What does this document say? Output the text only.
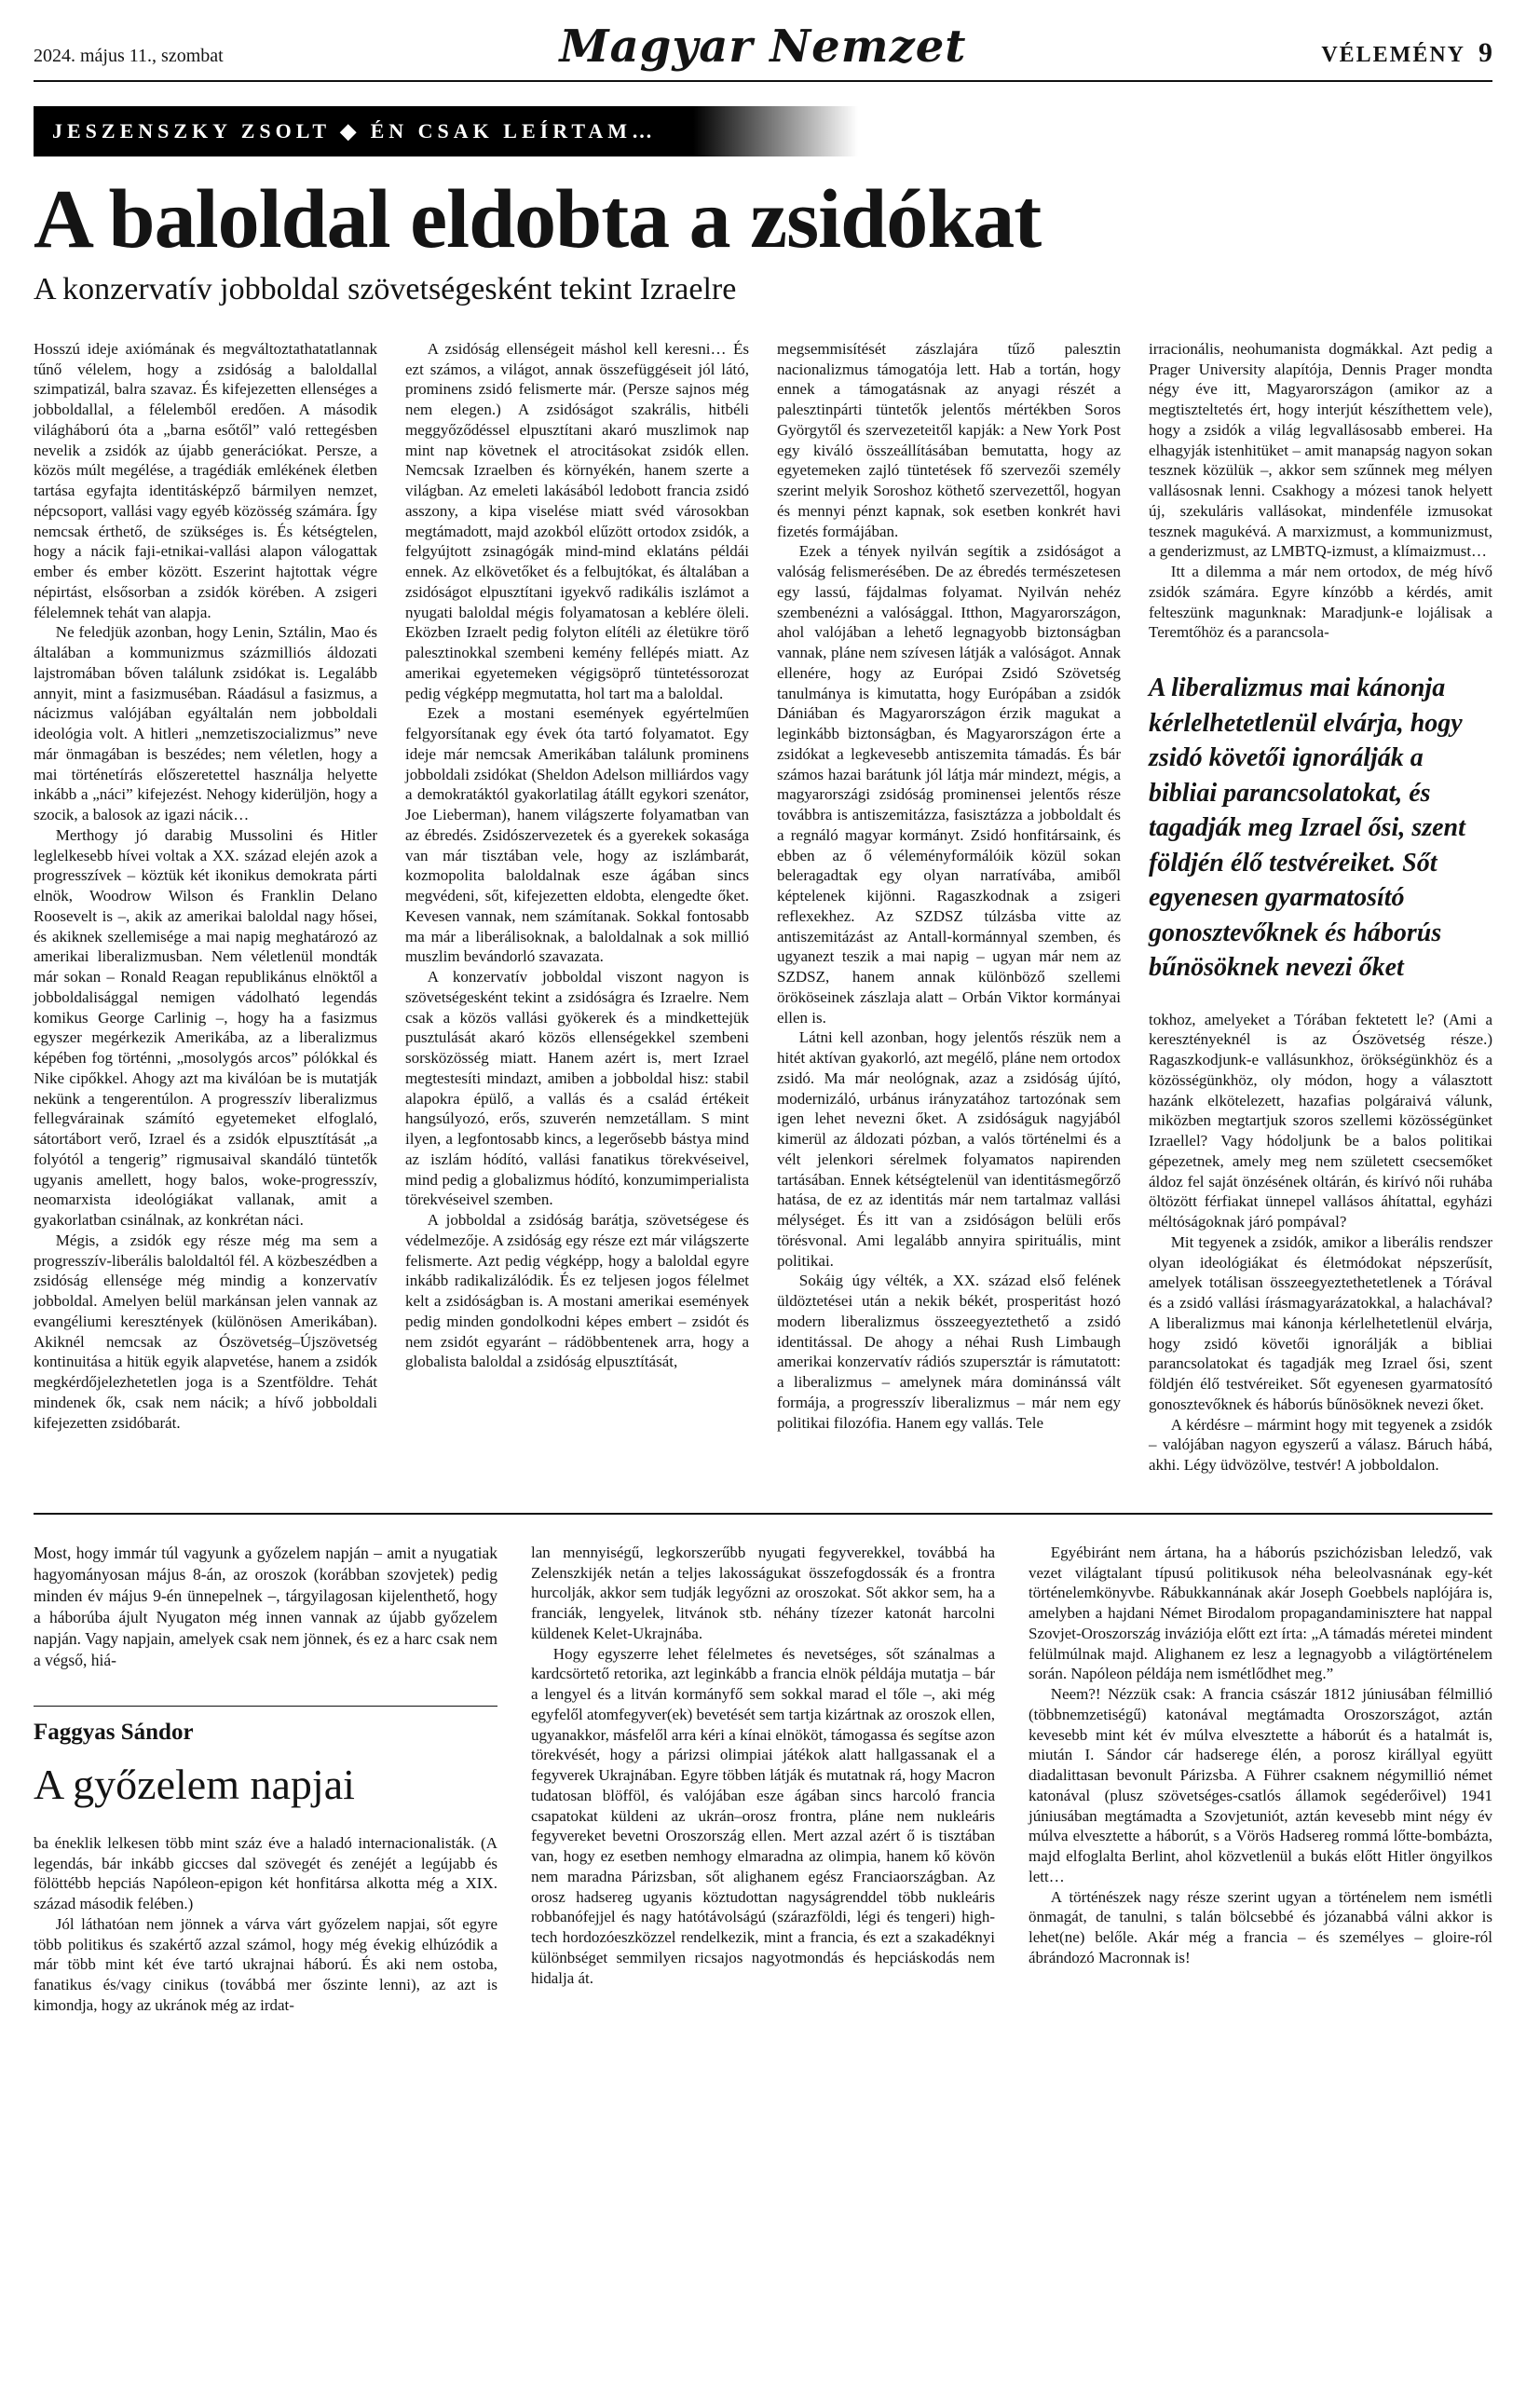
2024. május 11., szombat	Magyar Nemzet	VÉLEMÉNY 9
JESZENSZKY ZSOLT ◆ ÉN CSAK LEÍRTAM…
A baloldal eldobta a zsidókat
A konzervatív jobboldal szövetségesként tekint Izraelre

Hosszú ideje axiómának és megváltoztathatatlannak tűnő vélelem, hogy a zsidóság a baloldallal szimpatizál, balra szavaz. És kifejezetten ellenséges a jobboldallal, a félelemből eredően. A második világháború óta a „barna esőtől” való rettegésben nevelik a zsidók az újabb generációkat. Persze, a közös múlt megélése, a tragédiák emlékének életben tartása egyfajta identitásképző bármilyen nemzet, népcsoport, vallási vagy egyéb közösség számára. Így nemcsak érthető, de szükséges is. És kétségtelen, hogy a nácik faji-etnikai-vallási alapon válogattak ember és ember között. Eszerint hajtottak végre népirtást, elsősorban a zsidók körében. A zsigeri félelemnek tehát van alapja.

Ne feledjük azonban, hogy Lenin, Sztálin, Mao és általában a kommunizmus százmilliós áldozati lajstromában bőven találunk zsidókat is. Legalább annyit, mint a fasizmuséban. Ráadásul a fasizmus, a nácizmus valójában egyáltalán nem jobboldali ideológia volt. A hitleri „nemzetiszocializmus” neve már önmagában is beszédes; nem véletlen, hogy a mai történetírás előszeretettel használja helyette inkább a „náci” kifejezést. Nehogy kiderüljön, hogy a szocik, a balosok az igazi nácik…

Merthogy jó darabig Mussolini és Hitler leglelkesebb hívei voltak a XX. század elején azok a progresszívek – köztük két ikonikus demokrata párti elnök, Woodrow Wilson és Franklin Delano Roosevelt is –, akik az amerikai baloldal nagy hősei, és akiknek szellemisége a mai napig meghatározó az amerikai liberalizmusban. Nem véletlenül mondták már sokan – Ronald Reagan republikánus elnöktől a jobboldalisággal nemigen vádolható legendás komikus George Carlinig –, hogy ha a fasizmus egyszer megérkezik Amerikába, az a liberalizmus képében fog történni, „mosolygós arcos” pólókkal és Nike cipőkkel. Ahogy azt ma kiválóan be is mutatják nekünk a tengerentúlon. A progresszív liberalizmus fellegvárainak számító egyetemeket elfoglaló, sátortábort verő, Izrael és a zsidók elpusztítását „a folyótól a tengerig” rigmusaival skandáló tüntetők ugyanis amellett, hogy balos, woke-progresszív, neomarxista ideológiákat vallanak, amit a gyakorlatban csinálnak, az konkrétan náci.

Mégis, a zsidók egy része még ma sem a progresszív-liberális baloldaltól fél. A közbeszédben a zsidóság ellensége még mindig a konzervatív jobboldal. Amelyen belül markánsan jelen vannak az evangéliumi keresztények (különösen Amerikában). Akiknél nemcsak az Ószövetség–Újszövetség kontinuitása a hitük egyik alapvetése, hanem a zsidók megkérdőjelezhetetlen joga is a Szentföldre. Tehát mindenek ők, csak nem nácik; a hívő jobboldali kifejezetten zsidóbarát.

A zsidóság ellenségeit máshol kell keresni… És ezt számos, a világot, annak összefüggéseit jól látó, prominens zsidó felismerte már. (Persze sajnos még nem elegen.) A zsidóságot szakrális, hitbéli meggyőződéssel elpusztítani akaró muszlimok nap mint nap követnek el atrocitásokat zsidók ellen. Nemcsak Izraelben és környékén, hanem szerte a világban. Az emeleti lakásából ledobott francia zsidó asszony, a kipa viselése miatt svéd városokban megtámadott, majd azokból elűzött ortodox zsidók, a felgyújtott zsinagógák mind-mind eklatáns példái ennek. Az elkövetőket és a felbujtókat, és általában a zsidóságot elpusztítani igyekvő radikális iszlámot a nyugati baloldal mégis folyamatosan a keblére öleli. Eközben Izraelt pedig folyton elítéli az életükre törő palesztinokkal szembeni kemény fellépés miatt. Az amerikai egyetemeken végigsöprő tüntetéssorozat pedig végképp megmutatta, hol tart ma a baloldal.

Ezek a mostani események egyértelműen felgyorsítanak egy évek óta tartó folyamatot. Egy ideje már nemcsak Amerikában találunk prominens jobboldali zsidókat (Sheldon Adelson milliárdos vagy a demokratáktól gyakorlatilag átállt egykori szenátor, Joe Lieberman), hanem világszerte folyamatban van az ébredés. Zsidószervezetek és a gyerekek sokasága van már tisztában vele, hogy az iszlámbarát, kozmopolita baloldalnak esze ágában sincs megvédeni, sőt, kifejezetten eldobta, elengedte őket. Kevesen vannak, nem számítanak. Sokkal fontosabb ma már a liberálisoknak, a baloldalnak a sok millió muszlim bevándorló szavazata.

A konzervatív jobboldal viszont nagyon is szövetségesként tekint a zsidóságra és Izraelre. Nem csak a közös vallási gyökerek és a mindkettejük pusztulását akaró közös ellenségekkel szembeni sorsközösség miatt. Hanem azért is, mert Izrael megtestesíti mindazt, amiben a jobboldal hisz: stabil alapokra épülő, a vallás és a család értékeit hangsúlyozó, erős, szuverén nemzetállam. S mint ilyen, a legfontosabb kincs, a legerősebb bástya mind az iszlám hódító, vallási fanatikus törekvéseivel, mind pedig a globalizmus hódító, konzumimperialista törekvéseivel szemben.

A jobboldal a zsidóság barátja, szövetségese és védelmezője. A zsidóság egy része ezt már világszerte felismerte. Azt pedig végképp, hogy a baloldal egyre inkább radikalizálódik. És ez teljesen jogos félelmet kelt a zsidóságban is. A mostani amerikai események pedig minden gondolkodni képes embert – zsidót és nem zsidót egyaránt – rádöbbentenek arra, hogy a globalista baloldal a zsidóság elpusztítását,

megsemmisítését zászlajára tűző palesztin nacionalizmus támogatója lett. Hab a tortán, hogy ennek a támogatásnak az anyagi részét a palesztinpárti tüntetők jelentős mértékben Soros Györgytől és szervezeteitől kapják: a New York Post egy kiváló összeállításában bemutatta, hogy az egyetemeken zajló tüntetések fő szervezői személy szerint melyik Soroshoz köthető szervezettől, hogyan és mennyi pénzt kapnak, sok esetben konkrét havi fizetés formájában.

Ezek a tények nyilván segítik a zsidóságot a valóság felismerésében. De az ébredés természetesen egy lassú, fájdalmas folyamat. Nyilván nehéz szembenézni a valósággal. Itthon, Magyarországon, ahol valójában a lehető legnagyobb biztonságban vannak, pláne nem szívesen látják a valóságot. Annak ellenére, hogy az Európai Zsidó Szövetség tanulmánya is kimutatta, hogy Európában a zsidók Dániában és Magyarországon érzik magukat a leginkább biztonságban, és Magyarországon érte a zsidókat a legkevesebb antiszemita támadás. És bár számos hazai barátunk jól látja már mindezt, mégis, a magyarországi zsidóság prominensei jelentős része továbbra is antiszemitázza, fasisztázza a jobboldalt és a regnáló magyar kormányt. Zsidó honfitársaink, és ebben az ő véleményformálóik közül sokan beleragadtak egy olyan narratívába, amiből képtelenek kijönni. Ragaszkodnak a zsigeri reflexekhez. Az SZDSZ túlzásba vitte az antiszemitázást az Antall-kormánnyal szemben, és ugyanezt teszik a mai napig – ugyan már nem az SZDSZ, hanem annak különböző szellemi örököseinek zászlaja alatt – Orbán Viktor kormányai ellen is.

Látni kell azonban, hogy jelentős részük nem a hitét aktívan gyakorló, azt megélő, pláne nem ortodox zsidó. Ma már neológnak, azaz a zsidóság újító, modernizáló, urbánus irányzatához tartozónak sem igen lehet nevezni őket. A zsidóságuk nagyjából kimerül az áldozati pózban, a valós történelmi és a vélt jelenkori sérelmek folyamatos napirenden tartásában. Ennek kétségtelenül van identitásmegőrző hatása, de ez az identitás már nem tartalmaz vallási mélységet. És itt van a zsidóságon belüli erős törésvonal. Ami legalább annyira spirituális, mint politikai.

Sokáig úgy vélték, a XX. század első felének üldöztetései után a nekik békét, prosperitást hozó modern liberalizmus összeegyeztethető a zsidó identitással. De ahogy a néhai Rush Limbaugh amerikai konzervatív rádiós szupersztár is rámutatott: a liberalizmus – amelynek mára dominánssá vált formája, a progresszív liberalizmus – már nem egy politikai filozófia. Hanem egy vallás. Tele

irracionális, neohumanista dogmákkal. Azt pedig a Prager University alapítója, Dennis Prager mondta négy éve itt, Magyarországon (amikor az a megtiszteltetés ért, hogy interjút készíthettem vele), hogy a zsidók a világ legvallásosabb emberei. Ha elhagyják istenhitüket – amit manapság nagyon sokan tesznek közülük –, akkor sem szűnnek meg mélyen vallásosnak lenni. Csakhogy a mózesi tanok helyett új, szekuláris vallásokat, mindenféle izmusokat tesznek magukévá. A marxizmust, a kommunizmust, a genderizmust, az LMBTQ-izmust, a klímaizmust…

Itt a dilemma a már nem ortodox, de még hívő zsidók számára. Egyre kínzóbb a kérdés, amit felteszünk magunknak: Maradjunk-e lojálisak a Teremtőhöz és a parancsola-

A liberalizmus mai kánonja kérlelhetetlenül elvárja, hogy zsidó követői ignorálják a bibliai parancsolatokat, és tagadják meg Izrael ősi, szent földjén élő testvéreiket. Sőt egyenesen gyarmatosító gonosztevőknek és háborús bűnösöknek nevezi őket

tokhoz, amelyeket a Tórában fektetett le? (Ami a keresztényeknél is az Ószövetség része.) Ragaszkodjunk-e vallásunkhoz, örökségünkhöz és a közösségünkhöz, oly módon, hogy a választott hazánk elkötelezett, hazafias polgáraivá válunk, miközben megtartjuk szoros szellemi közösségünket Izraellel? Vagy hódoljunk be a balos politikai gépezetnek, amely meg nem született csecsemőket áldoz fel saját önzésének oltárán, és kirívó női ruhába öltözött férfiakat ünnepel vallásos áhítattal, egyházi méltóságoknak járó pompával?

Mit tegyenek a zsidók, amikor a liberális rendszer olyan ideológiákat és életmódokat népszerűsít, amelyek totálisan összeegyeztethetetlenek a Tórával és a zsidó vallási írásmagyarázatokkal, a halachával? A liberalizmus mai kánonja kérlelhetetlenül elvárja, hogy zsidó követői ignorálják a bibliai parancsolatokat és tagadják meg Izrael ősi, szent földjén élő testvéreiket. Sőt egyenesen gyarmatosító gonosztevőknek és háborús bűnösöknek nevezi őket.

A kérdésre – mármint hogy mit tegyenek a zsidók – valójában nagyon egyszerű a válasz. Báruch hábá, akhi. Légy üdvözölve, testvér! A jobboldalon.

Most, hogy immár túl vagyunk a győzelem napján – amit a nyugatiak hagyományosan május 8-án, az oroszok (korábban szovjetek) pedig minden év május 9-én ünnepelnek –, tárgyilagosan kijelenthető, hogy a háborúba ájult Nyugaton még innen vannak az újabb győzelem napján. Vagy napjain, amelyek csak nem jönnek, és ez a harc csak nem a végső, hiá-
Faggyas Sándor
A győzelem napjai

ba éneklik lelkesen több mint száz éve a haladó internacionalisták. (A legendás, bár inkább giccses dal szövegét és zenéjét a legújabb és fölöttébb hepciás Napóleon-epigon két honfitársa alkotta még a XIX. század második felében.)

Jól láthatóan nem jönnek a várva várt győzelem napjai, sőt egyre több politikus és szakértő azzal számol, hogy még évekig elhúzódik a már több mint két éve tartó ukrajnai háború. És aki nem ostoba, fanatikus és/vagy cinikus (továbbá mer őszinte lenni), az azt is kimondja, hogy az ukránok még az irdat-

lan mennyiségű, legkorszerűbb nyugati fegyverekkel, továbbá ha Zelenszkijék netán a teljes lakosságukat összefogdossák és a frontra hurcolják, akkor sem tudják legyőzni az oroszokat. Sőt akkor sem, ha a franciák, lengyelek, litvánok stb. néhány tízezer katonát harcolni küldenek Kelet-Ukrajnába.

Hogy egyszerre lehet félelmetes és nevetséges, sőt szánalmas a kardcsörtető retorika, azt leginkább a francia elnök példája mutatja – bár a lengyel és a litván kormányfő sem sokkal marad el tőle –, aki még egyfelől atomfegyver(ek) bevetését sem tartja kizártnak az oroszok ellen, ugyanakkor, másfelől arra kéri a kínai elnököt, támogassa és segítse azon törekvését, hogy a párizsi olimpiai játékok alatt hallgassanak el a fegyverek Ukrajnában. Egyre többen látják és mutatnak rá, hogy Macron tudatosan blöfföl, és valójában esze ágában sincs harcoló francia csapatokat küldeni az ukrán–orosz frontra, pláne nem nukleáris fegyvereket bevetni Oroszország ellen. Mert azzal azért ő is tisztában van, hogy ez esetben nemhogy elmaradna az olimpia, hanem kő kövön nem maradna Párizsban, sőt alighanem egész Franciaországban. Az orosz hadsereg ugyanis köztudottan nagyságrenddel több nukleáris robbanófejjel és nagy hatótávolságú (szárazföldi, légi és tengeri) high-tech hordozóeszközzel rendelkezik, mint a francia, és ezt a szakadéknyi különbséget semmilyen ricsajos nagyotmondás és hepciáskodás nem hidalja át.

Egyébiránt nem ártana, ha a háborús pszichózisban leledző, vak vezet világtalant típusú politikusok néha beleolvasnának egy-két történelemkönyvbe. Rábukkannának akár Joseph Goebbels naplójára is, amelyben a hajdani Német Birodalom propagandaminisztere hat nappal Szovjet-Oroszország inváziója előtt ezt írta: „A támadás méretei mindent felülmúlnak majd. Alighanem ez lesz a legnagyobb a világtörténelem során. Napóleon példája nem ismétlődhet meg.”

Neem?! Nézzük csak: A francia császár 1812 júniusában félmillió (többnemzetiségű) katonával megtámadta Oroszországot, aztán kevesebb mint két év múlva elvesztette a háborút és a hatalmát is, miután I. Sándor cár hadserege élén, a porosz királlyal együtt diadalittasan bevonult Párizsba. A Führer csaknem négymillió német katonával (plusz szövetséges-csatlós államok segéderőivel) 1941 júniusában megtámadta a Szovjetuniót, aztán kevesebb mint négy év múlva elvesztette a háborút, s a Vörös Hadsereg rommá lőtte-bombázta, majd elfoglalta Berlint, ahol közvetlenül a bukás előtt Hitler öngyilkos lett…

A történészek nagy része szerint ugyan a történelem nem ismétli önmagát, de tanulni, s talán bölcsebbé és józanabbá válni akkor is lehet(ne) belőle. Akár még a francia – és személyes – gloire-ról ábrándozó Macronnak is!
